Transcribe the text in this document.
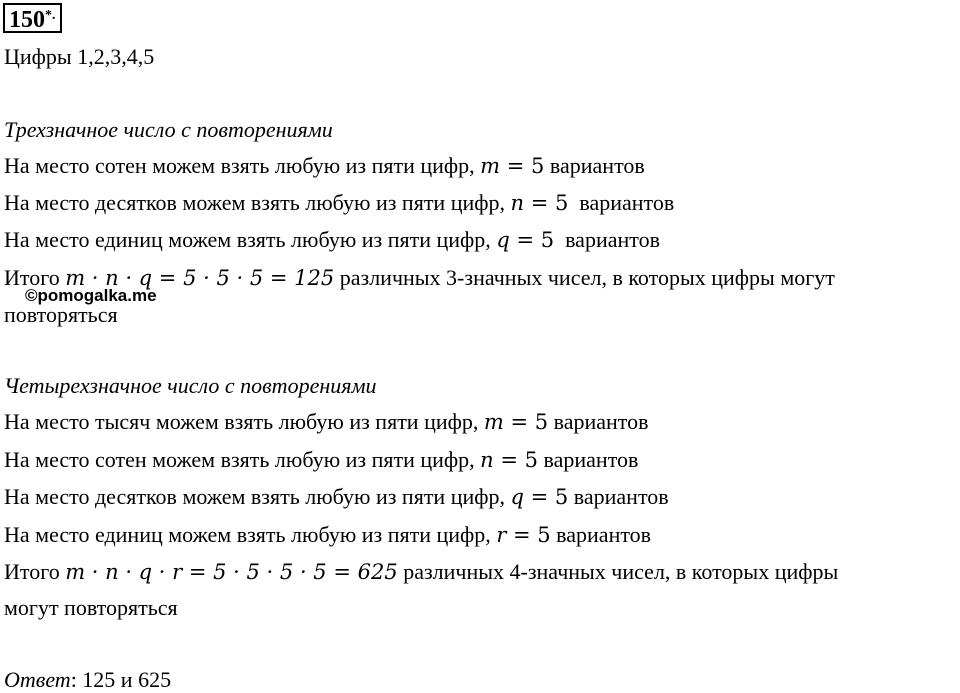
150*.
Цифры 1,2,3,4,5
Трехзначное число с повторениями
На место сотен можем взять любую из пяти цифр, m = 5 вариантов
На место десятков можем взять любую из пяти цифр, n = 5  вариантов
На место единиц можем взять любую из пяти цифр, q = 5  вариантов
Итого m · n · q = 5 · 5 · 5 = 125 различных 3-значных чисел, в которых цифры могут
повторяться
©pomogalka.me
Четырехзначное число с повторениями
На место тысяч можем взять любую из пяти цифр, m = 5 вариантов
На место сотен можем взять любую из пяти цифр, n = 5 вариантов
На место десятков можем взять любую из пяти цифр, q = 5 вариантов
На место единиц можем взять любую из пяти цифр, r = 5 вариантов
Итого m · n · q · r = 5 · 5 · 5 · 5 = 625 различных 4-значных чисел, в которых цифры
могут повторяться
Ответ: 125 и 625
